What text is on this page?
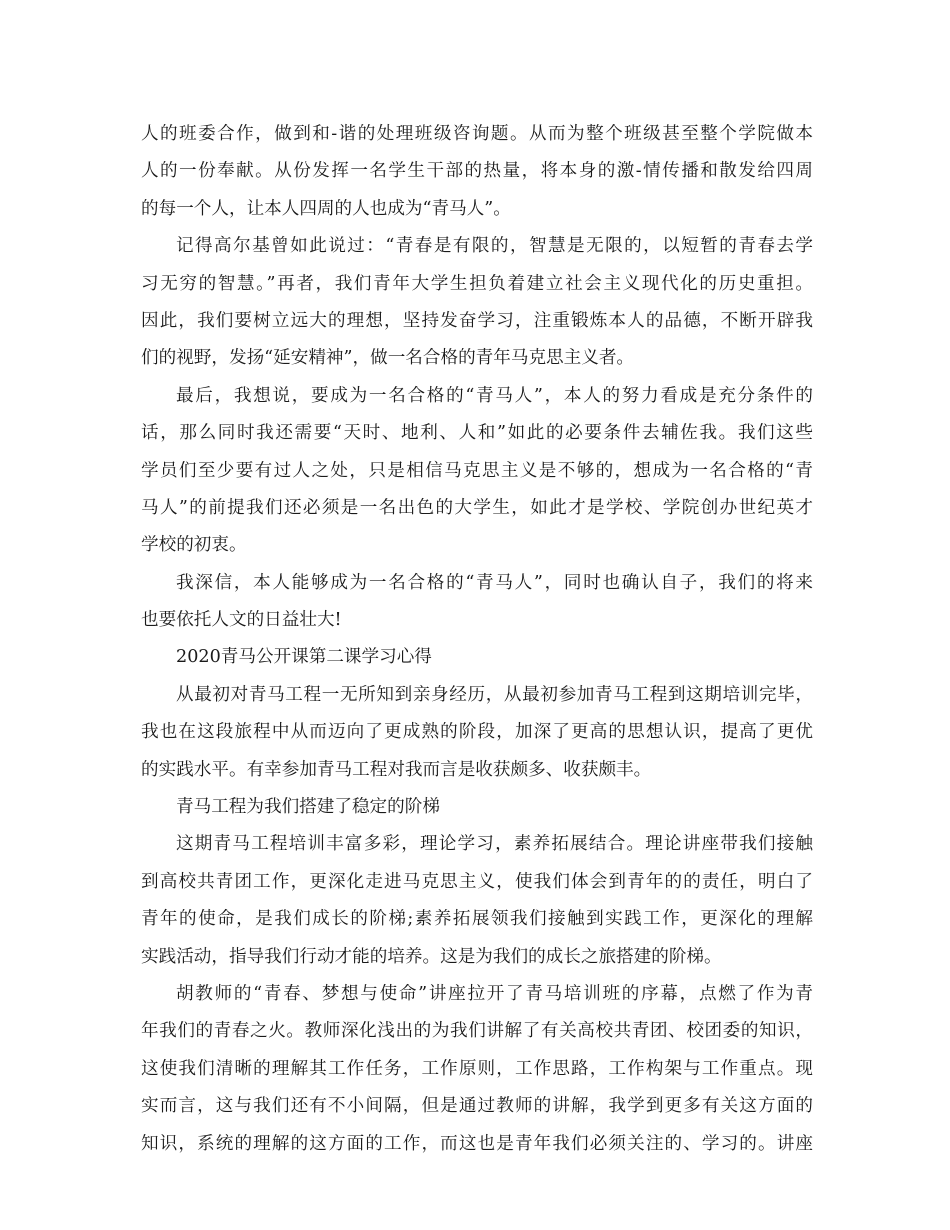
人的班委合作，做到和-谐的处理班级咨询题。从而为整个班级甚至整个学院做本
人的一份奉献。从份发挥一名学生干部的热量，将本身的激-情传播和散发给四周
的每一个人，让本人四周的人也成为“青马人”。
记得高尔基曾如此说过：“青春是有限的，智慧是无限的，以短暂的青春去学
习无穷的智慧。”再者，我们青年大学生担负着建立社会主义现代化的历史重担。
因此，我们要树立远大的理想，坚持发奋学习，注重锻炼本人的品德，不断开辟我
们的视野，发扬“延安精神”，做一名合格的青年马克思主义者。
最后，我想说，要成为一名合格的“青马人”，本人的努力看成是充分条件的
话，那么同时我还需要“天时、地利、人和”如此的必要条件去辅佐我。我们这些
学员们至少要有过人之处，只是相信马克思主义是不够的，想成为一名合格的“青
马人”的前提我们还必须是一名出色的大学生，如此才是学校、学院创办世纪英才
学校的初衷。
我深信，本人能够成为一名合格的“青马人”，同时也确认自子，我们的将来
也要依托人文的日益壮大!
2020青马公开课第二课学习心得
从最初对青马工程一无所知到亲身经历，从最初参加青马工程到这期培训完毕，
我也在这段旅程中从而迈向了更成熟的阶段，加深了更高的思想认识，提高了更优
的实践水平。有幸参加青马工程对我而言是收获颇多、收获颇丰。
青马工程为我们搭建了稳定的阶梯
这期青马工程培训丰富多彩，理论学习，素养拓展结合。理论讲座带我们接触
到高校共青团工作，更深化走进马克思主义，使我们体会到青年的的责任，明白了
青年的使命，是我们成长的阶梯;素养拓展领我们接触到实践工作，更深化的理解
实践活动，指导我们行动才能的培养。这是为我们的成长之旅搭建的阶梯。
胡教师的“青春、梦想与使命”讲座拉开了青马培训班的序幕，点燃了作为青
年我们的青春之火。教师深化浅出的为我们讲解了有关高校共青团、校团委的知识，
这使我们清晰的理解其工作任务，工作原则，工作思路，工作构架与工作重点。现
实而言，这与我们还有不小间隔，但是通过教师的讲解，我学到更多有关这方面的
知识，系统的理解的这方面的工作，而这也是青年我们必须关注的、学习的。讲座
